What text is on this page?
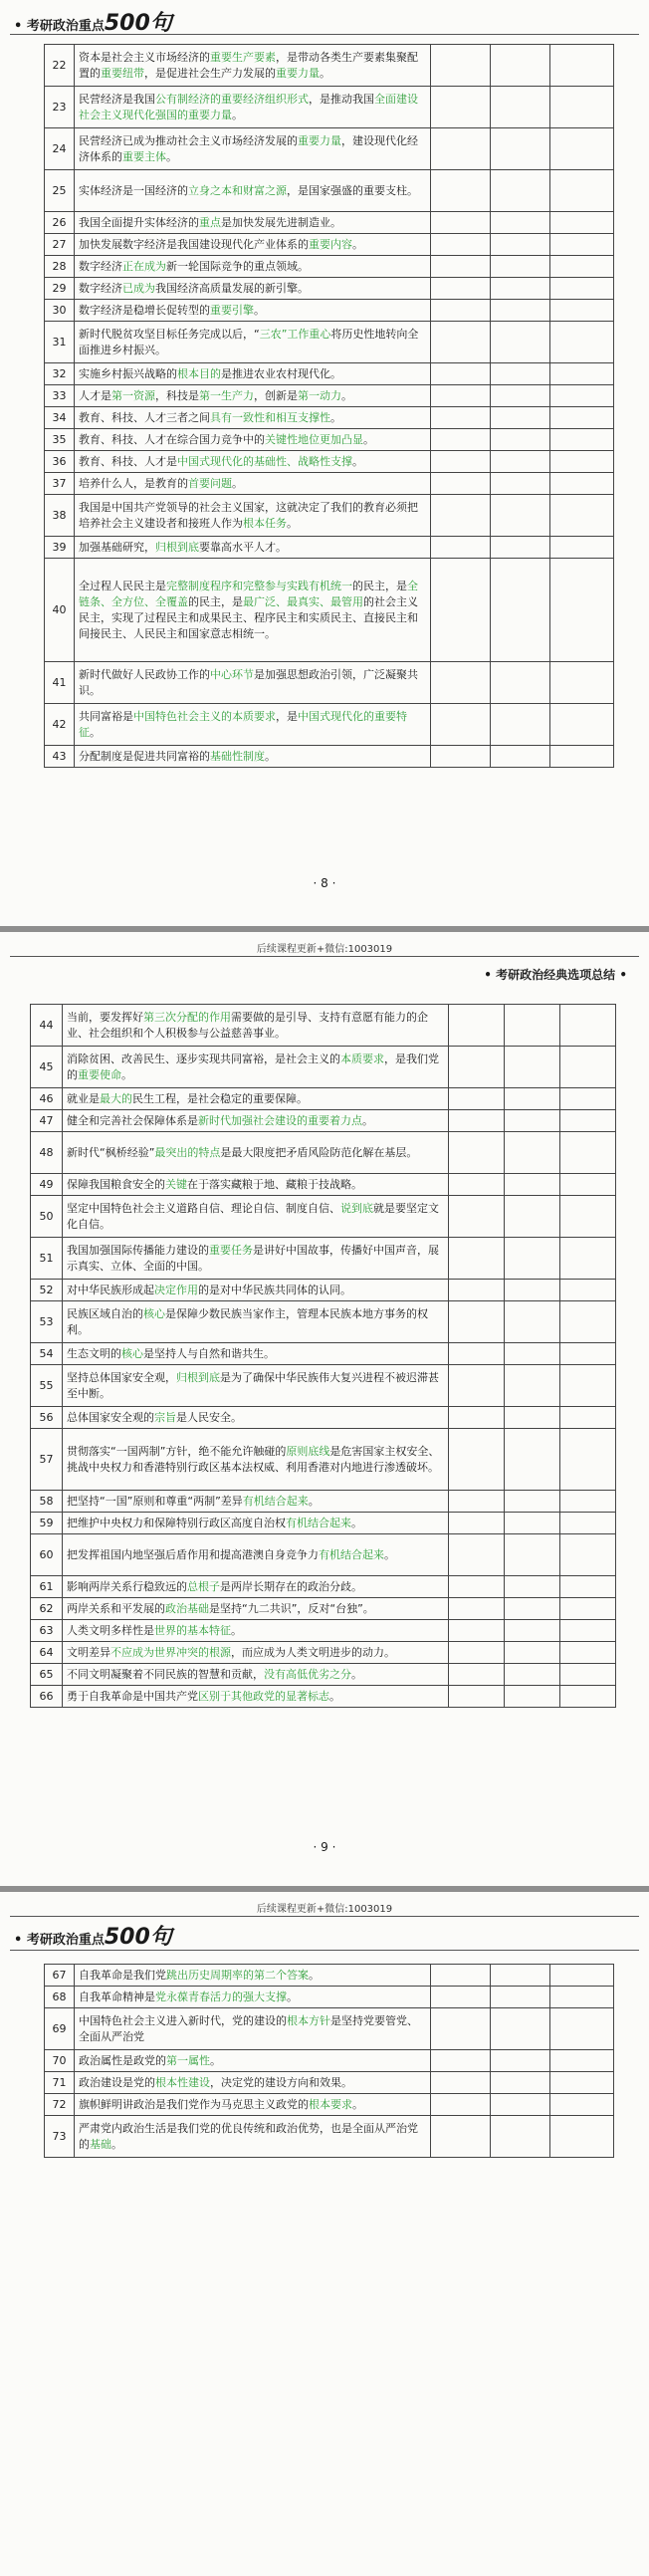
• 考研政治重点500句
22	资本是社会主义市场经济的重要生产要素，是带动各类生产要素集聚配置的重要纽带，是促进社会生产力发展的重要力量。			
23	民营经济是我国公有制经济的重要经济组织形式，是推动我国全面建设社会主义现代化强国的重要力量。			
24	民营经济已成为推动社会主义市场经济发展的重要力量，建设现代化经济体系的重要主体。			
25	实体经济是一国经济的立身之本和财富之源，是国家强盛的重要支柱。			
26	我国全面提升实体经济的重点是加快发展先进制造业。			
27	加快发展数字经济是我国建设现代化产业体系的重要内容。			
28	数字经济正在成为新一轮国际竞争的重点领域。			
29	数字经济已成为我国经济高质量发展的新引擎。			
30	数字经济是稳增长促转型的重要引擎。			
31	新时代脱贫攻坚目标任务完成以后，“三农”工作重心将历史性地转向全面推进乡村振兴。			
32	实施乡村振兴战略的根本目的是推进农业农村现代化。			
33	人才是第一资源，科技是第一生产力，创新是第一动力。			
34	教育、科技、人才三者之间具有一致性和相互支撑性。			
35	教育、科技、人才在综合国力竞争中的关键性地位更加凸显。			
36	教育、科技、人才是中国式现代化的基础性、战略性支撑。			
37	培养什么人，是教育的首要问题。			
38	我国是中国共产党领导的社会主义国家，这就决定了我们的教育必须把培养社会主义建设者和接班人作为根本任务。			
39	加强基础研究，归根到底要靠高水平人才。			
40	全过程人民民主是完整制度程序和完整参与实践有机统一的民主，是全链条、全方位、全覆盖的民主，是最广泛、最真实、最管用的社会主义民主，实现了过程民主和成果民主、程序民主和实质民主、直接民主和间接民主、人民民主和国家意志相统一。			
41	新时代做好人民政协工作的中心环节是加强思想政治引领，广泛凝聚共识。			
42	共同富裕是中国特色社会主义的本质要求，是中国式现代化的重要特征。			
43	分配制度是促进共同富裕的基础性制度。			
· 8 ·
后续课程更新+微信:1003019
• 考研政治经典选项总结 •
44	当前，要发挥好第三次分配的作用需要做的是引导、支持有意愿有能力的企业、社会组织和个人积极参与公益慈善事业。			
45	消除贫困、改善民生、逐步实现共同富裕，是社会主义的本质要求，是我们党的重要使命。			
46	就业是最大的民生工程，是社会稳定的重要保障。			
47	健全和完善社会保障体系是新时代加强社会建设的重要着力点。			
48	新时代“枫桥经验”最突出的特点是最大限度把矛盾风险防范化解在基层。			
49	保障我国粮食安全的关键在于落实藏粮于地、藏粮于技战略。			
50	坚定中国特色社会主义道路自信、理论自信、制度自信、说到底就是要坚定文化自信。			
51	我国加强国际传播能力建设的重要任务是讲好中国故事，传播好中国声音，展示真实、立体、全面的中国。			
52	对中华民族形成起决定作用的是对中华民族共同体的认同。			
53	民族区域自治的核心是保障少数民族当家作主，管理本民族本地方事务的权利。			
54	生态文明的核心是坚持人与自然和谐共生。			
55	坚持总体国家安全观，归根到底是为了确保中华民族伟大复兴进程不被迟滞甚至中断。			
56	总体国家安全观的宗旨是人民安全。			
57	贯彻落实“一国两制”方针，绝不能允许触碰的原则底线是危害国家主权安全、挑战中央权力和香港特别行政区基本法权威、利用香港对内地进行渗透破坏。			
58	把坚持“一国”原则和尊重“两制”差异有机结合起来。			
59	把维护中央权力和保障特别行政区高度自治权有机结合起来。			
60	把发挥祖国内地坚强后盾作用和提高港澳自身竞争力有机结合起来。			
61	影响两岸关系行稳致远的总根子是两岸长期存在的政治分歧。			
62	两岸关系和平发展的政治基础是坚持“九二共识”，反对“台独”。			
63	人类文明多样性是世界的基本特征。			
64	文明差异不应成为世界冲突的根源，而应成为人类文明进步的动力。			
65	不同文明凝聚着不同民族的智慧和贡献，没有高低优劣之分。			
66	勇于自我革命是中国共产党区别于其他政党的显著标志。			
· 9 ·
后续课程更新+微信:1003019
• 考研政治重点500句
67	自我革命是我们党跳出历史周期率的第二个答案。			
68	自我革命精神是党永葆青春活力的强大支撑。			
69	中国特色社会主义进入新时代，党的建设的根本方针是坚持党要管党、全面从严治党			
70	政治属性是政党的第一属性。			
71	政治建设是党的根本性建设，决定党的建设方向和效果。			
72	旗帜鲜明讲政治是我们党作为马克思主义政党的根本要求。			
73	严肃党内政治生活是我们党的优良传统和政治优势，也是全面从严治党的基础。			
